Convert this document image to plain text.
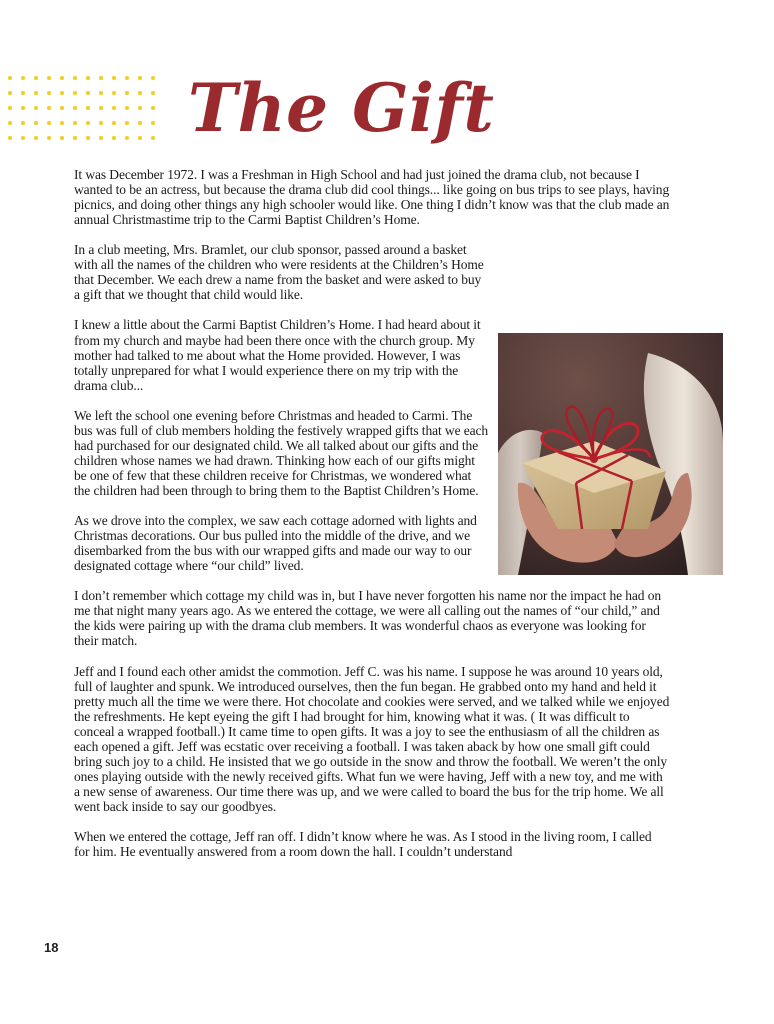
The Gift

It was December 1972. I was a Freshman in High School and had just joined the drama club, not because I wanted to be an actress, but because the drama club did cool things... like going on bus trips to see plays, having picnics, and doing other things any high schooler would like. One thing I didn’t know was that the club made an annual Christmastime trip to the Carmi Baptist Children’s Home.

In a club meeting, Mrs. Bramlet, our club sponsor, passed around a basket with all the names of the children who were residents at the Children’s Home that December. We each drew a name from the basket and were asked to buy a gift that we thought that child would like.

I knew a little about the Carmi Baptist Children’s Home. I had heard about it from my church and maybe had been there once with the church group. My mother had talked to me about what the Home provided. However, I was totally unprepared for what I would experience there on my trip with the drama club...

We left the school one evening before Christmas and headed to Carmi. The bus was full of club members holding the festively wrapped gifts that we each had purchased for our designated child. We all talked about our gifts and the children whose names we had drawn. Thinking how each of our gifts might be one of few that these children receive for Christmas, we wondered what the children had been through to bring them to the Baptist Children’s Home.

As we drove into the complex, we saw each cottage adorned with lights and Christmas decorations. Our bus pulled into the middle of the drive, and we disembarked from the bus with our wrapped gifts and made our way to our designated cottage where “our child” lived.

I don’t remember which cottage my child was in, but I have never forgotten his name nor the impact he had on me that night many years ago. As we entered the cottage, we were all calling out the names of “our child,” and the kids were pairing up with the drama club members. It was wonderful chaos as everyone was looking for their match.

Jeff and I found each other amidst the commotion. Jeff C. was his name. I suppose he was around 10 years old, full of laughter and spunk. We introduced ourselves, then the fun began. He grabbed onto my hand and held it pretty much all the time we were there. Hot chocolate and cookies were served, and we talked while we enjoyed the refreshments. He kept eyeing the gift I had brought for him, knowing what it was. ( It was difficult to conceal a wrapped football.) It came time to open gifts. It was a joy to see the enthusiasm of all the children as each opened a gift. Jeff was ecstatic over receiving a football. I was taken aback by how one small gift could bring such joy to a child. He insisted that we go outside in the snow and throw the football. We weren’t the only ones playing outside with the newly received gifts. What fun we were having, Jeff with a new toy, and me with a new sense of awareness. Our time there was up, and we were called to board the bus for the trip home. We all went back inside to say our goodbyes.

When we entered the cottage, Jeff ran off. I didn’t know where he was. As I stood in the living room, I called for him. He eventually answered from a room down the hall. I couldn’t understand

18
